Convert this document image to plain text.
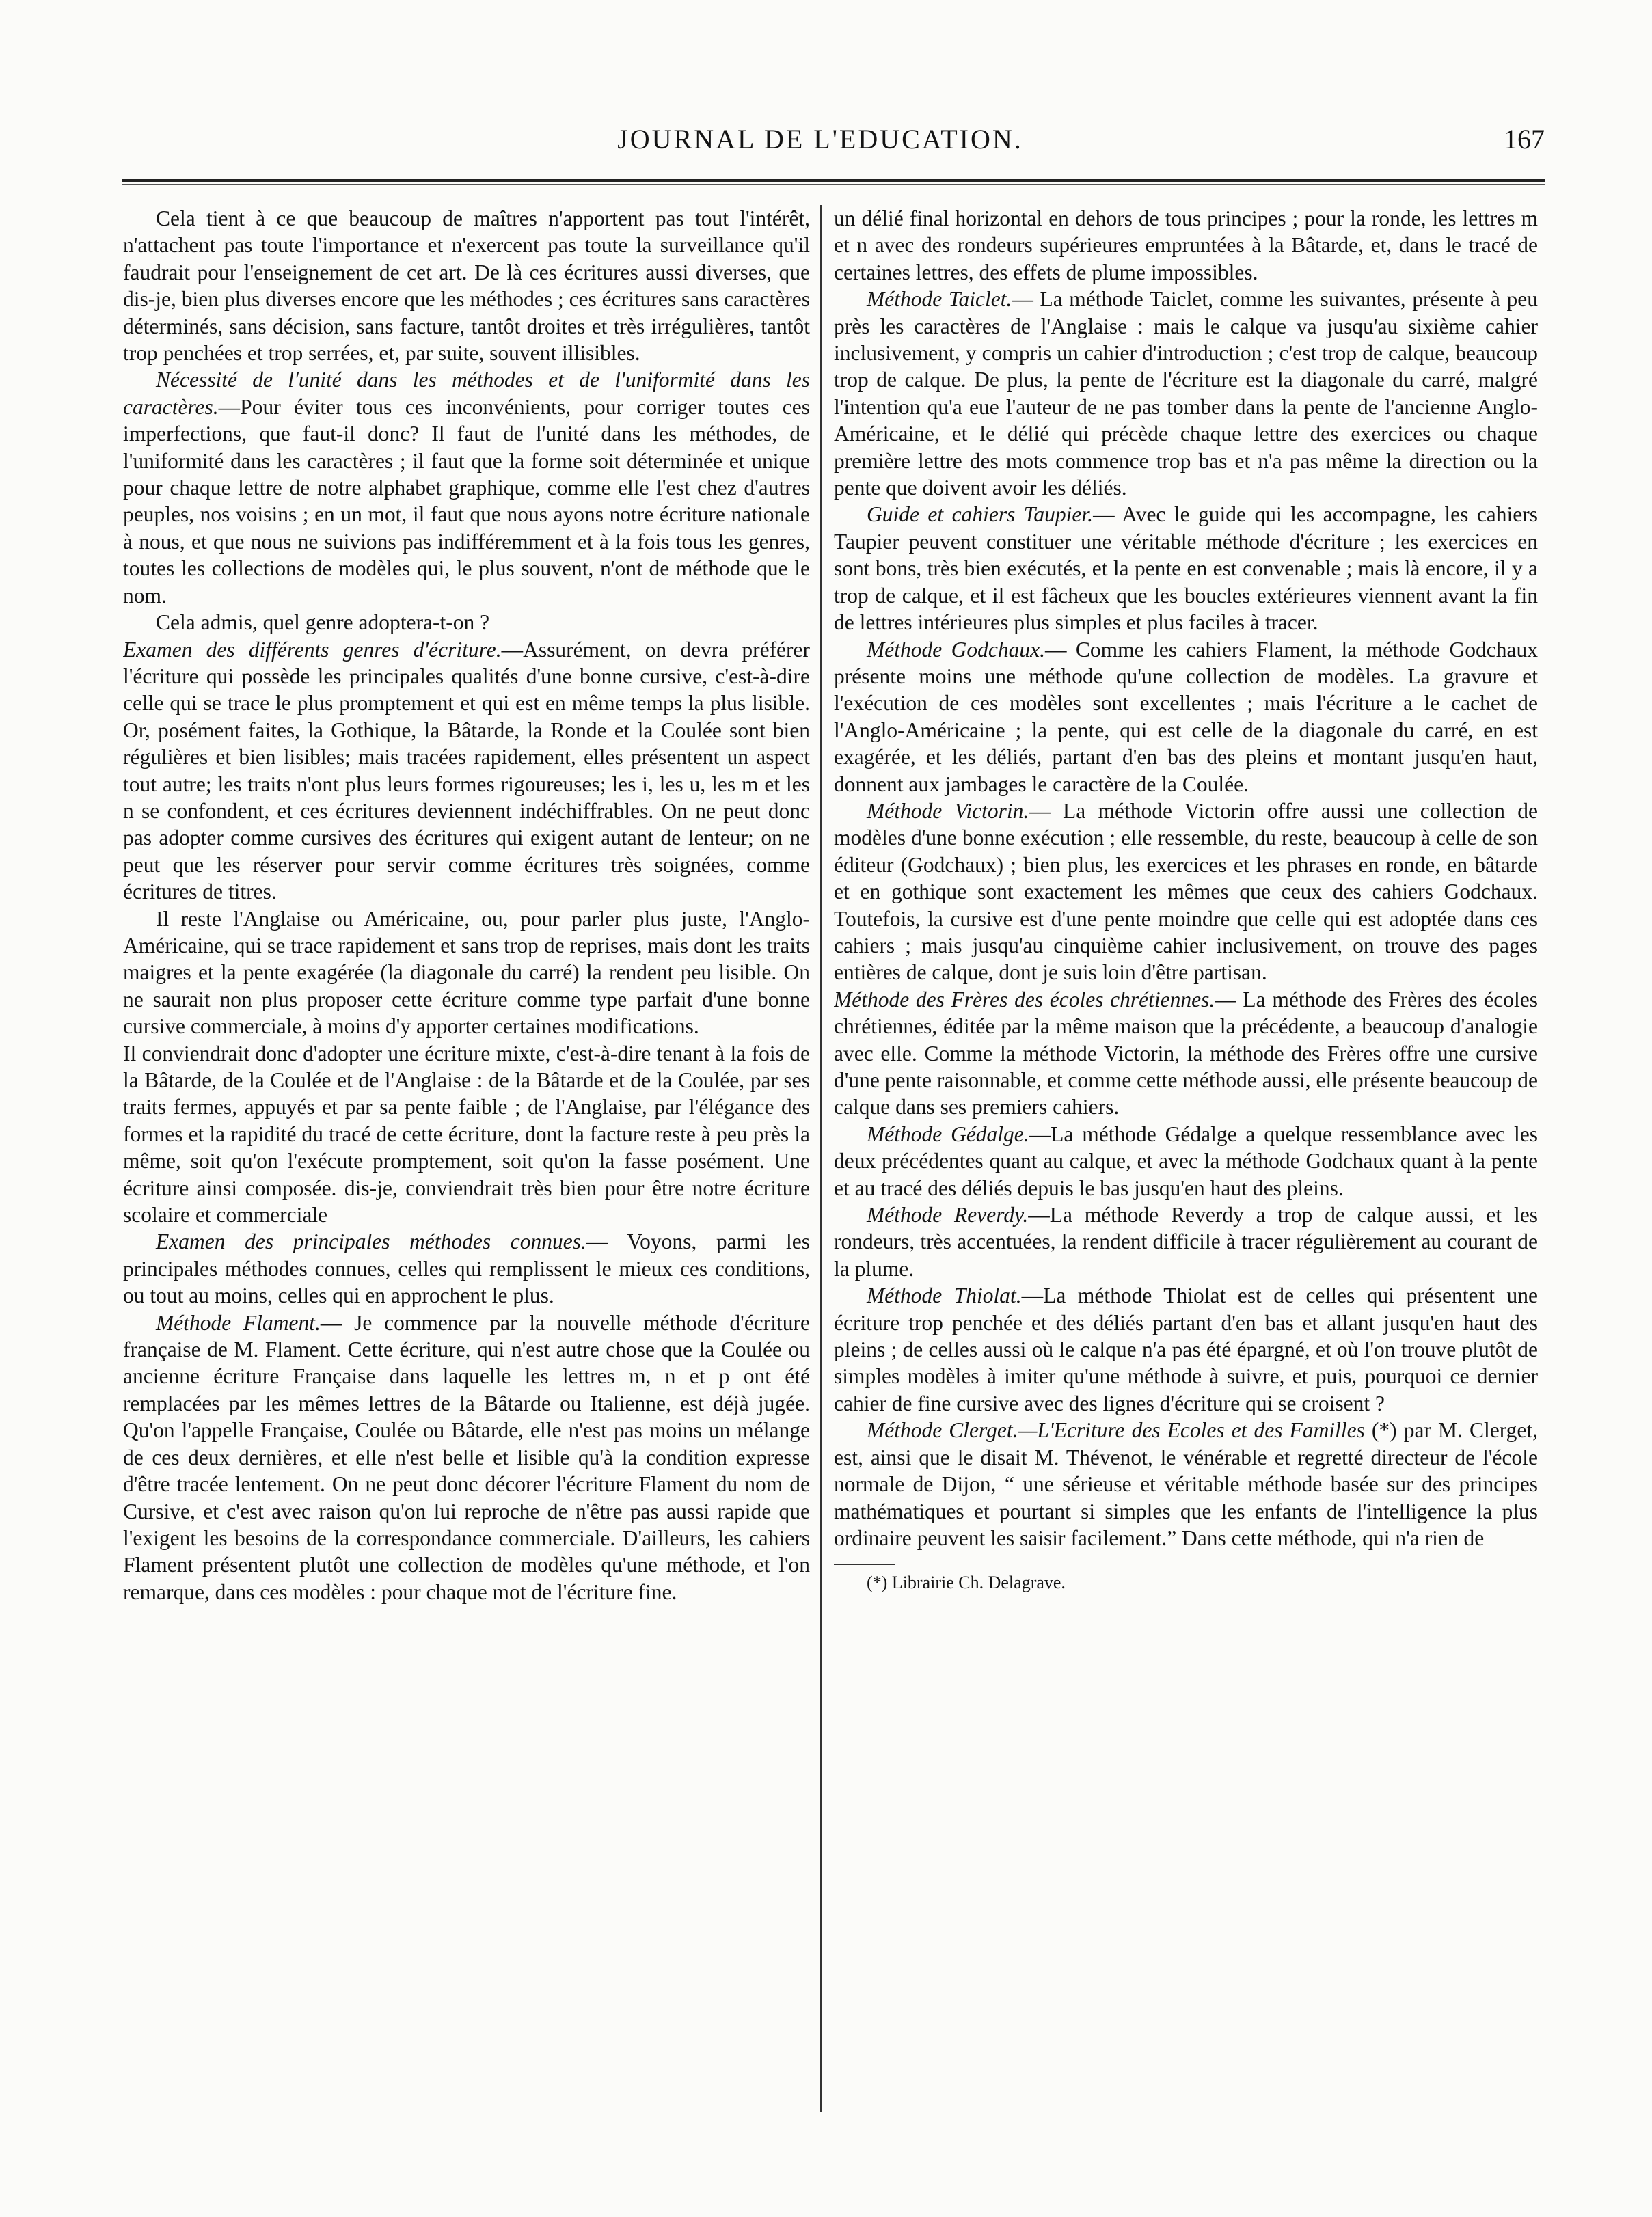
JOURNAL DE L'EDUCATION.	167

Cela tient à ce que beaucoup de maîtres n'apportent pas tout l'intérêt, n'attachent pas toute l'importance et n'exercent pas toute la surveillance qu'il faudrait pour l'enseignement de cet art. De là ces écritures aussi diverses, que dis-je, bien plus diverses encore que les méthodes ; ces écritures sans caractères déterminés, sans décision, sans facture, tantôt droites et très irrégulières, tantôt trop penchées et trop serrées, et, par suite, souvent illisibles.

Nécessité de l'unité dans les méthodes et de l'uniformité dans les caractères.—Pour éviter tous ces inconvénients, pour corriger toutes ces imperfections, que faut-il donc? Il faut de l'unité dans les méthodes, de l'uniformité dans les caractères ; il faut que la forme soit déterminée et unique pour chaque lettre de notre alphabet graphique, comme elle l'est chez d'autres peuples, nos voisins ; en un mot, il faut que nous ayons notre écriture nationale à nous, et que nous ne suivions pas indifféremment et à la fois tous les genres, toutes les collections de modèles qui, le plus souvent, n'ont de méthode que le nom.

Cela admis, quel genre adoptera-t-on ?

Examen des différents genres d'écriture.—Assurément, on devra préférer l'écriture qui possède les principales qualités d'une bonne cursive, c'est-à-dire celle qui se trace le plus promptement et qui est en même temps la plus lisible. Or, posément faites, la Gothique, la Bâtarde, la Ronde et la Coulée sont bien régulières et bien lisibles; mais tracées rapidement, elles présentent un aspect tout autre; les traits n'ont plus leurs formes rigoureuses; les i, les u, les m et les n se confondent, et ces écritures deviennent indéchiffrables. On ne peut donc pas adopter comme cursives des écritures qui exigent autant de lenteur; on ne peut que les réserver pour servir comme écritures très soignées, comme écritures de titres.

Il reste l'Anglaise ou Américaine, ou, pour parler plus juste, l'Anglo-Américaine, qui se trace rapidement et sans trop de reprises, mais dont les traits maigres et la pente exagérée (la diagonale du carré) la rendent peu lisible. On ne saurait non plus proposer cette écriture comme type parfait d'une bonne cursive commerciale, à moins d'y apporter certaines modifications.

Il conviendrait donc d'adopter une écriture mixte, c'est-à-dire tenant à la fois de la Bâtarde, de la Coulée et de l'Anglaise : de la Bâtarde et de la Coulée, par ses traits fermes, appuyés et par sa pente faible ; de l'Anglaise, par l'élégance des formes et la rapidité du tracé de cette écriture, dont la facture reste à peu près la même, soit qu'on l'exécute promptement, soit qu'on la fasse posément. Une écriture ainsi composée. dis-je, conviendrait très bien pour être notre écriture scolaire et commerciale

Examen des principales méthodes connues.— Voyons, parmi les principales méthodes connues, celles qui remplissent le mieux ces conditions, ou tout au moins, celles qui en approchent le plus.

Méthode Flament.— Je commence par la nouvelle méthode d'écriture française de M. Flament. Cette écriture, qui n'est autre chose que la Coulée ou ancienne écriture Française dans laquelle les lettres m, n et p ont été remplacées par les mêmes lettres de la Bâtarde ou Italienne, est déjà jugée. Qu'on l'appelle Française, Coulée ou Bâtarde, elle n'est pas moins un mélange de ces deux dernières, et elle n'est belle et lisible qu'à la condition expresse d'être tracée lentement. On ne peut donc décorer l'écriture Flament du nom de Cursive, et c'est avec raison qu'on lui reproche de n'être pas aussi rapide que l'exigent les besoins de la correspondance commerciale. D'ailleurs, les cahiers Flament présentent plutôt une collection de modèles qu'une méthode, et l'on remarque, dans ces modèles : pour chaque mot de l'écriture fine.

un délié final horizontal en dehors de tous principes ; pour la ronde, les lettres m et n avec des rondeurs supérieures empruntées à la Bâtarde, et, dans le tracé de certaines lettres, des effets de plume impossibles.

Méthode Taiclet.— La méthode Taiclet, comme les suivantes, présente à peu près les caractères de l'Anglaise : mais le calque va jusqu'au sixième cahier inclusivement, y compris un cahier d'introduction ; c'est trop de calque, beaucoup trop de calque. De plus, la pente de l'écriture est la diagonale du carré, malgré l'intention qu'a eue l'auteur de ne pas tomber dans la pente de l'ancienne Anglo-Américaine, et le délié qui précède chaque lettre des exercices ou chaque première lettre des mots commence trop bas et n'a pas même la direction ou la pente que doivent avoir les déliés.

Guide et cahiers Taupier.— Avec le guide qui les accompagne, les cahiers Taupier peuvent constituer une véritable méthode d'écriture ; les exercices en sont bons, très bien exécutés, et la pente en est convenable ; mais là encore, il y a trop de calque, et il est fâcheux que les boucles extérieures viennent avant la fin de lettres intérieures plus simples et plus faciles à tracer.

Méthode Godchaux.— Comme les cahiers Flament, la méthode Godchaux présente moins une méthode qu'une collection de modèles. La gravure et l'exécution de ces modèles sont excellentes ; mais l'écriture a le cachet de l'Anglo-Américaine ; la pente, qui est celle de la diagonale du carré, en est exagérée, et les déliés, partant d'en bas des pleins et montant jusqu'en haut, donnent aux jambages le caractère de la Coulée.

Méthode Victorin.— La méthode Victorin offre aussi une collection de modèles d'une bonne exécution ; elle ressemble, du reste, beaucoup à celle de son éditeur (Godchaux) ; bien plus, les exercices et les phrases en ronde, en bâtarde et en gothique sont exactement les mêmes que ceux des cahiers Godchaux. Toutefois, la cursive est d'une pente moindre que celle qui est adoptée dans ces cahiers ; mais jusqu'au cinquième cahier inclusivement, on trouve des pages entières de calque, dont je suis loin d'être partisan.

Méthode des Frères des écoles chrétiennes.— La méthode des Frères des écoles chrétiennes, éditée par la même maison que la précédente, a beaucoup d'analogie avec elle. Comme la méthode Victorin, la méthode des Frères offre une cursive d'une pente raisonnable, et comme cette méthode aussi, elle présente beaucoup de calque dans ses premiers cahiers.

Méthode Gédalge.—La méthode Gédalge a quelque ressemblance avec les deux précédentes quant au calque, et avec la méthode Godchaux quant à la pente et au tracé des déliés depuis le bas jusqu'en haut des pleins.

Méthode Reverdy.—La méthode Reverdy a trop de calque aussi, et les rondeurs, très accentuées, la rendent difficile à tracer régulièrement au courant de la plume.

Méthode Thiolat.—La méthode Thiolat est de celles qui présentent une écriture trop penchée et des déliés partant d'en bas et allant jusqu'en haut des pleins ; de celles aussi où le calque n'a pas été épargné, et où l'on trouve plutôt de simples modèles à imiter qu'une méthode à suivre, et puis, pourquoi ce dernier cahier de fine cursive avec des lignes d'écriture qui se croisent ?

Méthode Clerget.—L'Ecriture des Ecoles et des Familles (*) par M. Clerget, est, ainsi que le disait M. Thévenot, le vénérable et regretté directeur de l'école normale de Dijon, “ une sérieuse et véritable méthode basée sur des principes mathématiques et pourtant si simples que les enfants de l'intelligence la plus ordinaire peuvent les saisir facilement.” Dans cette méthode, qui n'a rien de

(*) Librairie Ch. Delagrave.
